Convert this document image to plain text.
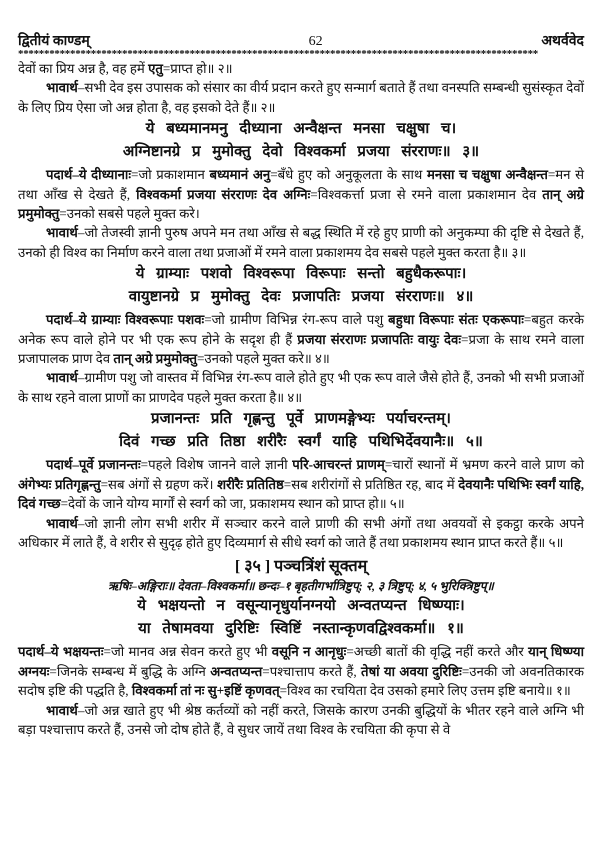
द्वितीयं काण्डम्	62	अथर्ववेद
****************************************************************************************************

देवों का प्रिय अन्न है, वह हमें एतु=प्राप्त हो॥ २॥

भावार्थ–सभी देव इस उपासक को संसार का वीर्य प्रदान करते हुए सन्मार्ग बताते हैं तथा वनस्पति सम्बन्धी सुसंस्कृत देवों के लिए प्रिय ऐसा जो अन्न होता है, वह इसको देते हैं॥ २॥

ये बध्यमानमनु दीध्याना अन्वैक्षन्त मनसा चक्षुषा च।
अग्निष्टानग्रे प्र मुमोक्तु देवो विश्वकर्मा प्रजया संरराणः॥ ३॥

पदार्थ–ये दीध्यानाः=जो प्रकाशमान बध्यमानं अनु=बँधे हुए को अनुकूलता के साथ मनसा च चक्षुषा अन्वैक्षन्त=मन से तथा आँख से देखते हैं, विश्वकर्मा प्रजया संरराणः देव अग्निः=विश्वकर्त्ता प्रजा से रमने वाला प्रकाशमान देव तान् अग्रे प्रमुमोक्तु=उनको सबसे पहले मुक्त करे।

भावार्थ–जो तेजस्वी ज्ञानी पुरुष अपने मन तथा आँख से बद्ध स्थिति में रहे हुए प्राणी को अनुकम्पा की दृष्टि से देखते हैं, उनको ही विश्व का निर्माण करने वाला तथा प्रजाओं में रमने वाला प्रकाशमय देव सबसे पहले मुक्त करता है॥ ३॥

ये ग्राम्याः पशवो विश्वरूपा विरूपाः सन्तो बहुधैकरूपाः।
वायुष्टानग्रे प्र मुमोक्तु देवः प्रजापतिः प्रजया संरराणः॥ ४॥

पदार्थ–ये ग्राम्याः विश्वरूपाः पशवः=जो ग्रामीण विभिन्न रंग-रूप वाले पशु बहुधा विरूपाः संतः एकरूपाः=बहुत करके अनेक रूप वाले होने पर भी एक रूप होने के सदृश ही हैं प्रजया संरराणः प्रजापतिः वायुः देवः=प्रजा के साथ रमने वाला प्रजापालक प्राण देव तान् अग्रे प्रमुमोक्तु=उनको पहले मुक्त करे॥ ४॥

भावार्थ–ग्रामीण पशु जो वास्तव में विभिन्न रंग-रूप वाले होते हुए भी एक रूप वाले जैसे होते हैं, उनको भी सभी प्रजाओं के साथ रहने वाला प्राणों का प्राणदेव पहले मुक्त करता है॥ ४॥

प्रजानन्तः प्रति गृह्णन्तु पूर्वे प्राणमङ्गेभ्यः पर्याचरन्तम्।
दिवं गच्छ प्रति तिष्ठा शरीरैः स्वर्गं याहि पथिभिर्देवयानैः॥ ५॥

पदार्थ–पूर्वे प्रजानन्तः=पहले विशेष जानने वाले ज्ञानी परि-आचरन्तं प्राणम्=चारों स्थानों में भ्रमण करने वाले प्राण को अंगेभ्यः प्रतिगृह्णन्तु=सब अंगों से ग्रहण करें। शरीरैः प्रतितिष्ठ=सब शरीरांगों से प्रतिष्ठित रह, बाद में देवयानैः पथिभिः स्वर्गं याहि, दिवं गच्छ=देवों के जाने योग्य मार्गों से स्वर्ग को जा, प्रकाशमय स्थान को प्राप्त हो॥ ५॥

भावार्थ–जो ज्ञानी लोग सभी शरीर में सञ्चार करने वाले प्राणी की सभी अंगों तथा अवयवों से इकट्ठा करके अपने अधिकार में लाते हैं, वे शरीर से सुदृढ़ होते हुए दिव्यमार्ग से सीधे स्वर्ग को जाते हैं तथा प्रकाशमय स्थान प्राप्त करते हैं॥ ५॥

[ ३५ ] पञ्चत्रिंशं सूक्तम्
ऋषिः–अङ्गिराः॥ देवता–विश्वकर्मा॥ छन्दः–१ बृहतीगर्भात्रिष्टुप्; २, ३ त्रिष्टुप्; ४, ५ भुरिक्त्रिष्टुप्॥
ये भक्षयन्तो न वसून्यानृधुर्यानग्नयो अन्वतप्यन्त धिष्ण्याः।
या तेषामवया दुरिष्टिः स्विष्टिं नस्तान्कृणवद्विश्वकर्मा॥ १॥

पदार्थ–ये भक्षयन्तः=जो मानव अन्न सेवन करते हुए भी वसूनि न आनृधुः=अच्छी बातों की वृद्धि नहीं करते और यान् धिष्ण्या अग्नयः=जिनके सम्बन्ध में बुद्धि के अग्नि अन्वतप्यन्त=पश्चात्ताप करते हैं, तेषां या अवया दुरिष्टिः=उनकी जो अवनतिकारक सदोष इष्टि की पद्धति है, विश्वकर्मा तां नः सु+इष्टिं कृणवत्=विश्व का रचयिता देव उसको हमारे लिए उत्तम इष्टि बनाये॥ १॥

भावार्थ–जो अन्न खाते हुए भी श्रेष्ठ कर्तव्यों को नहीं करते, जिसके कारण उनकी बुद्धियों के भीतर रहने वाले अग्नि भी बड़ा पश्चात्ताप करते हैं, उनसे जो दोष होते हैं, वे सुधर जायें तथा विश्व के रचयिता की कृपा से वे
